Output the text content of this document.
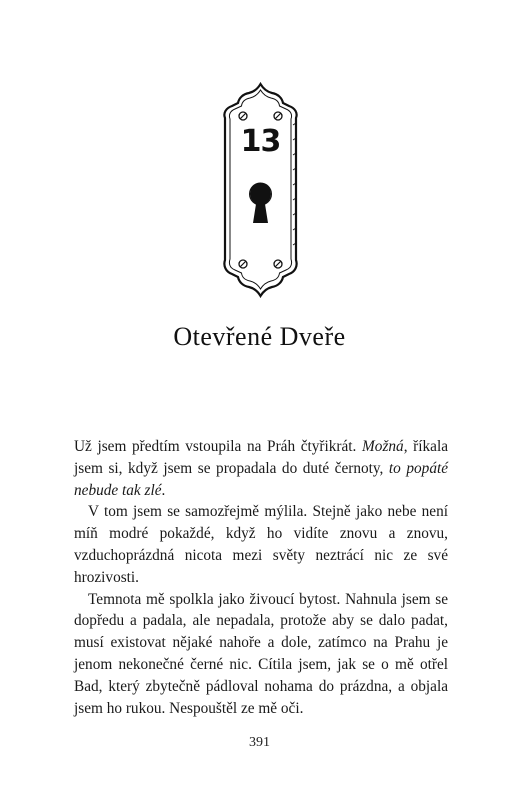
13
Otevřené Dveře

Už jsem předtím vstoupila na Práh čtyřikrát. Možná, říkala jsem si, když jsem se propadala do duté černoty, to popáté nebude tak zlé.

V tom jsem se samozřejmě mýlila. Stejně jako nebe není míň modré pokaždé, když ho vidíte znovu a znovu, vzduchoprázdná nicota mezi světy neztrácí nic ze své hrozivosti.

Temnota mě spolkla jako živoucí bytost. Nahnula jsem se dopředu a padala, ale nepadala, protože aby se dalo padat, musí existovat nějaké nahoře a dole, zatímco na Prahu je jenom nekonečné černé nic. Cítila jsem, jak se o mě otřel Bad, který zbytečně pádloval nohama do prázdna, a objala jsem ho rukou. Nespouštěl ze mě oči.

391
